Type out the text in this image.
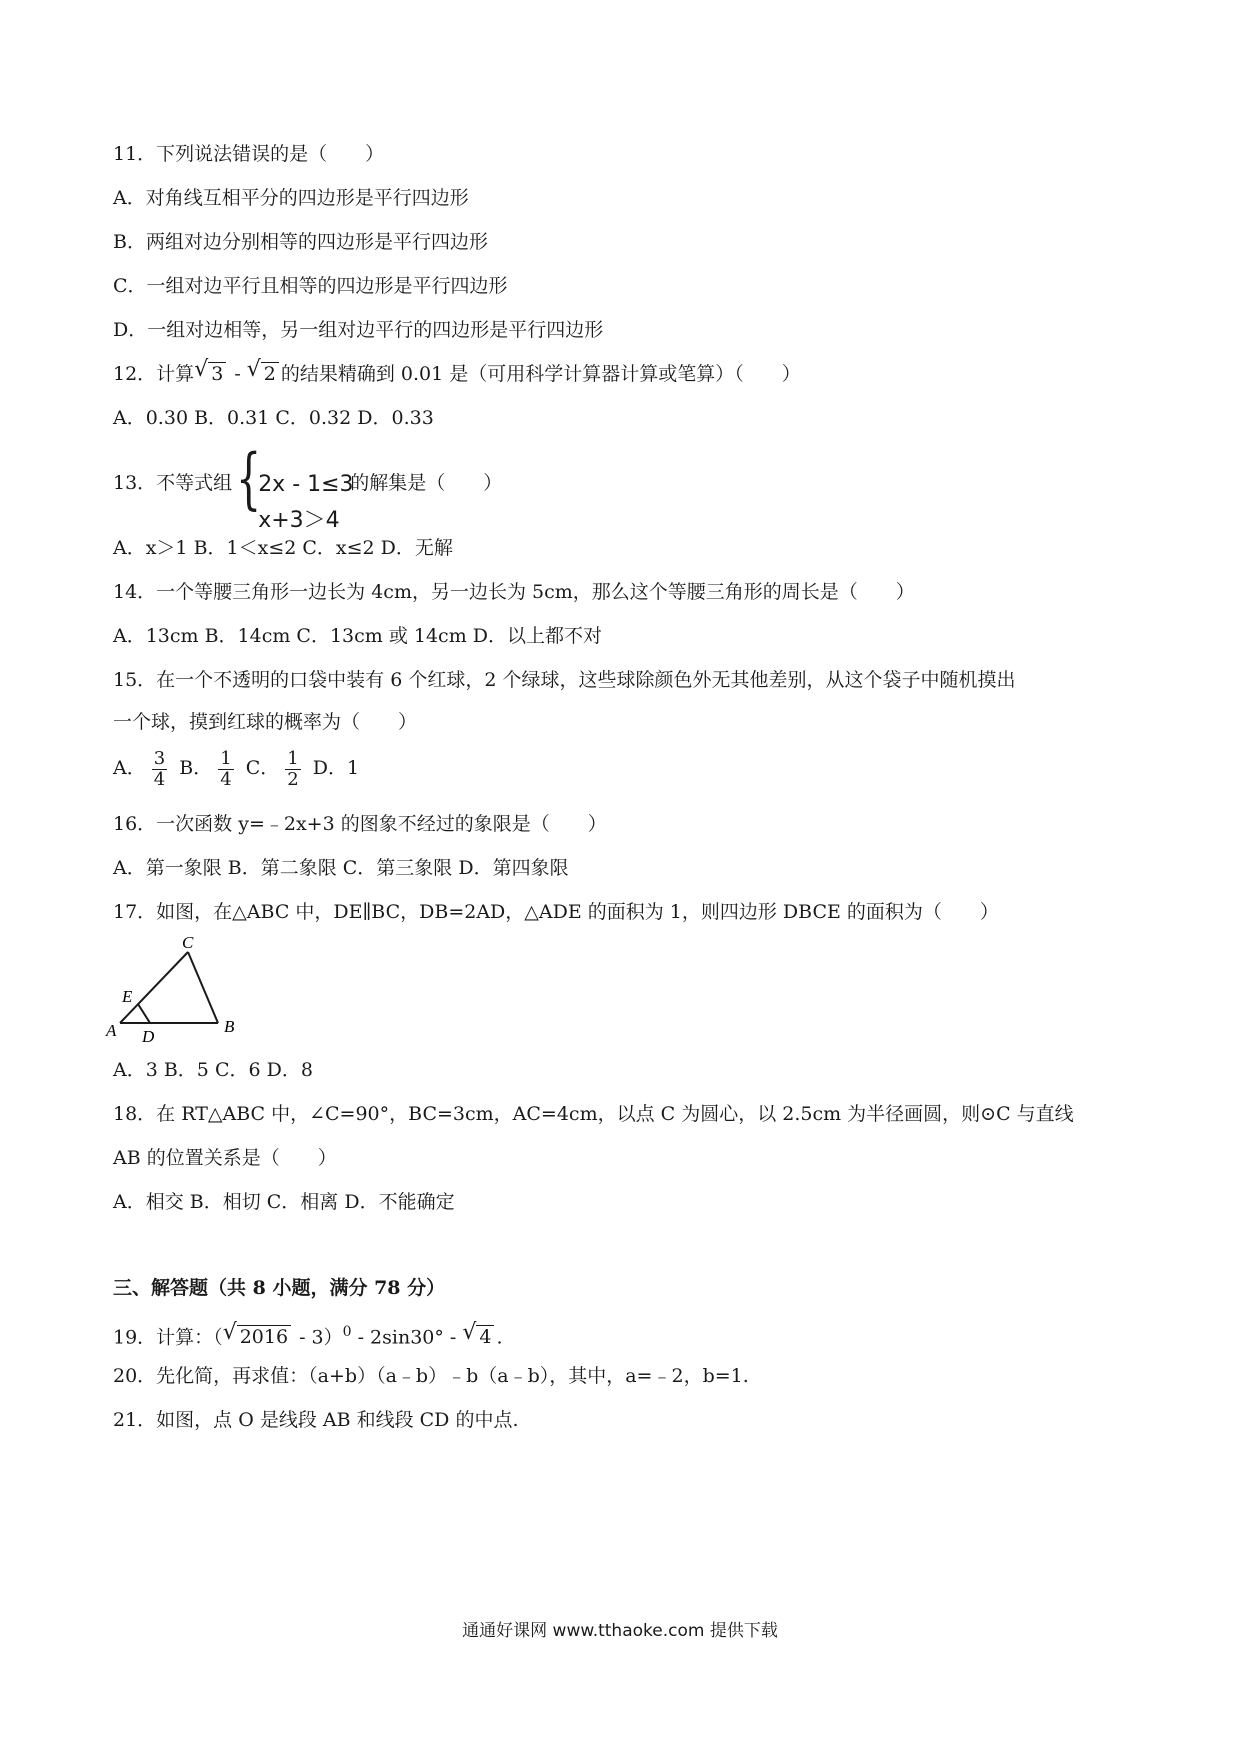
11．下列说法错误的是（　　）
A．对角线互相平分的四边形是平行四边形
B．两组对边分别相等的四边形是平行四边形
C．一组对边平行且相等的四边形是平行四边形
D．一组对边相等，另一组对边平行的四边形是平行四边形
12．计算 √ 3 - √ 2 的结果精确到 0.01 是（可用科学计算器计算或笔算）（　　）
A．0.30 B．0.31 C．0.32 D．0.33
13．不等式组 {
2x - 1≤3
x+3＞4
的解集是（　　）
A．x＞1 B．1＜x≤2 C．x≤2 D．无解
14．一个等腰三角形一边长为 4cm，另一边长为 5cm，那么这个等腰三角形的周长是（　　）
A．13cm B．14cm C．13cm 或 14cm D．以上都不对
15．在一个不透明的口袋中装有 6 个红球，2 个绿球，这些球除颜色外无其他差别，从这个袋子中随机摸出
一个球，摸到红球的概率为（　　）
A． $\frac{3}{4}$ B． $\frac{1}{4}$ C． $\frac{1}{2}$ D．1
16．一次函数 y=﹣2x+3 的图象不经过的象限是（　　）
A．第一象限 B．第二象限 C．第三象限 D．第四象限
17．如图，在△ABC 中，DE∥BC，DB=2AD，△ADE 的面积为 1，则四边形 DBCE 的面积为（　　）
C
E
A D
B
A．3 B．5 C．6 D．8
18．在 RT△ABC 中，∠C=90°，BC=3cm，AC=4cm，以点 C 为圆心，以 2.5cm 为半径画圆，则⊙C 与直线
AB 的位置关系是（　　）
A．相交 B．相切 C．相离 D．不能确定
三、解答题（共 8 小题，满分 78 分）
19．计算：（ √ 2016 - 3）$^0$ - 2sin30° - √ 4 .
20．先化简，再求值：（a+b）（a﹣b）﹣b（a﹣b），其中，a=﹣2，b=1.
21．如图，点 O 是线段 AB 和线段 CD 的中点.
通通好课网 www.tthaoke.com 提供下载
